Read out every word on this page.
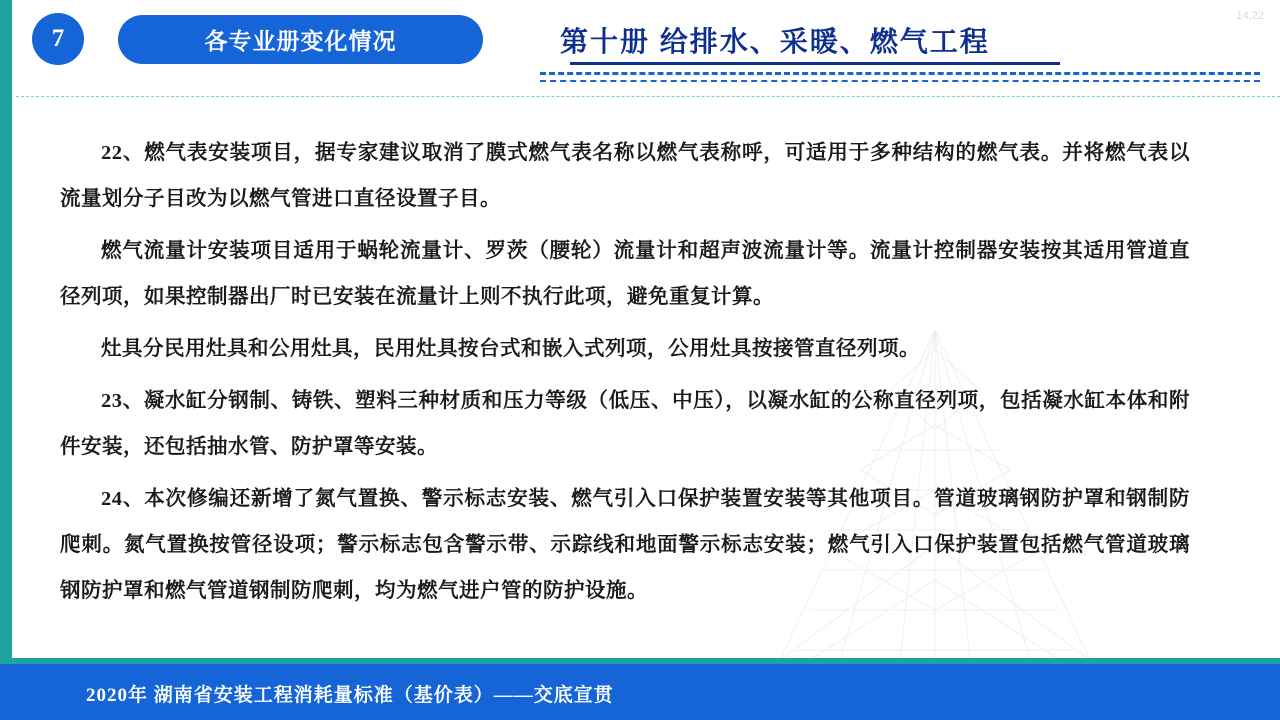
7	各专业册变化情况	第十册 给排水、采暖、燃气工程
14,22

22、燃气表安装项目，据专家建议取消了膜式燃气表名称以燃气表称呼，可适用于多种结构的燃气表。并将燃气表以流量划分子目改为以燃气管进口直径设置子目。

燃气流量计安装项目适用于蜗轮流量计、罗茨（腰轮）流量计和超声波流量计等。流量计控制器安装按其适用管道直径列项，如果控制器出厂时已安装在流量计上则不执行此项，避免重复计算。

灶具分民用灶具和公用灶具，民用灶具按台式和嵌入式列项，公用灶具按接管直径列项。

23、凝水缸分钢制、铸铁、塑料三种材质和压力等级（低压、中压），以凝水缸的公称直径列项，包括凝水缸本体和附件安装，还包括抽水管、防护罩等安装。

24、本次修编还新增了氮气置换、警示标志安装、燃气引入口保护装置安装等其他项目。管道玻璃钢防护罩和钢制防爬刺。氮气置换按管径设项；警示标志包含警示带、示踪线和地面警示标志安装；燃气引入口保护装置包括燃气管道玻璃钢防护罩和燃气管道钢制防爬刺，均为燃气进户管的防护设施。

2020年 湖南省安装工程消耗量标准（基价表）——交底宣贯
